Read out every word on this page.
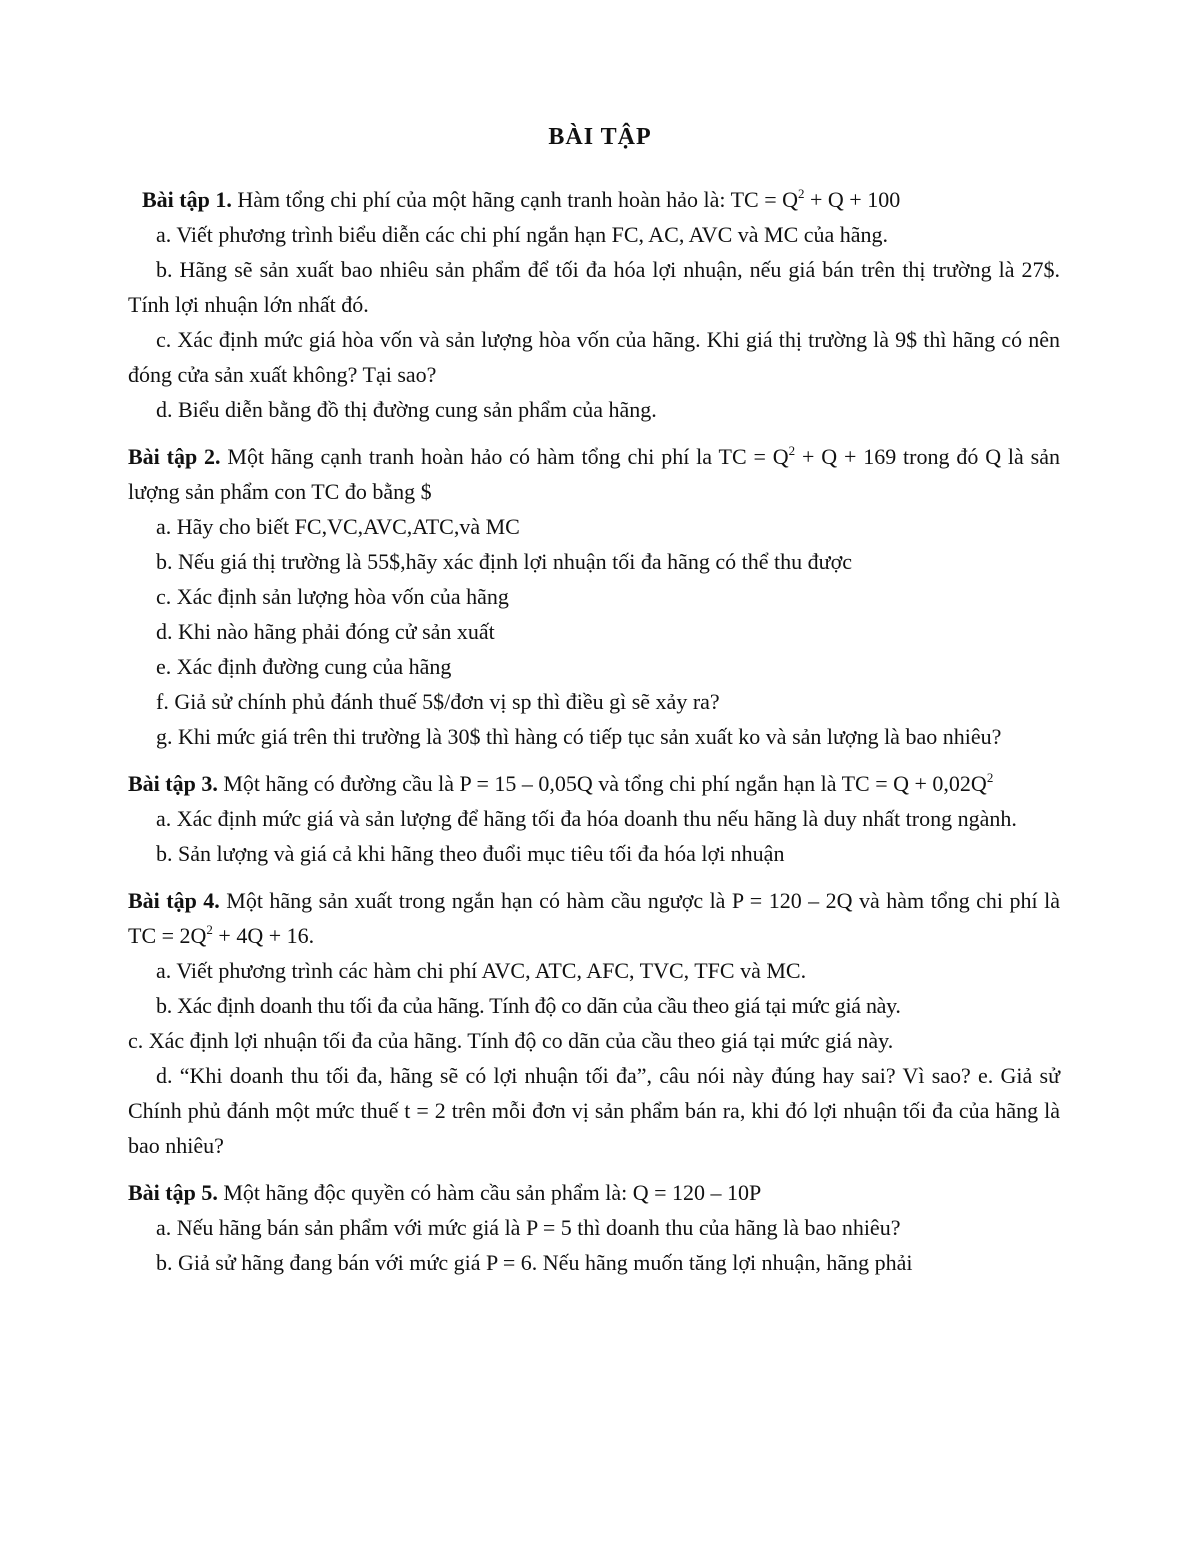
BÀI TẬP

Bài tập 1. Hàm tổng chi phí của một hãng cạnh tranh hoàn hảo là: TC = $Q^2 + Q + 100$

a. Viết phương trình biểu diễn các chi phí ngắn hạn FC, AC, AVC và MC của hãng.

b. Hãng sẽ sản xuất bao nhiêu sản phẩm để tối đa hóa lợi nhuận, nếu giá bán trên thị trường là 27$. Tính lợi nhuận lớn nhất đó.

c. Xác định mức giá hòa vốn và sản lượng hòa vốn của hãng. Khi giá thị trường là 9$ thì hãng có nên đóng cửa sản xuất không? Tại sao?

d. Biểu diễn bằng đồ thị đường cung sản phẩm của hãng.

Bài tập 2. Một hãng cạnh tranh hoàn hảo có hàm tổng chi phí la TC = $Q^2 + Q + 169$ trong đó Q là sản lượng sản phẩm con TC đo bằng $

a. Hãy cho biết FC,VC,AVC,ATC,và MC

b. Nếu giá thị trường là 55$,hãy xác định lợi nhuận tối đa hãng có thể thu được

c. Xác định sản lượng hòa vốn của hãng

d. Khi nào hãng phải đóng cử sản xuất

e. Xác định đường cung của hãng

f. Giả sử chính phủ đánh thuế 5$/đơn vị sp thì điều gì sẽ xảy ra?

g. Khi mức giá trên thi trường là 30$ thì hàng có tiếp tục sản xuất ko và sản lượng là bao nhiêu?

Bài tập 3. Một hãng có đường cầu là P = 15 – 0,05Q và tổng chi phí ngắn hạn là TC = $Q + 0,02Q^2$

a. Xác định mức giá và sản lượng để hãng tối đa hóa doanh thu nếu hãng là duy nhất trong ngành.

b. Sản lượng và giá cả khi hãng theo đuổi mục tiêu tối đa hóa lợi nhuận

Bài tập 4. Một hãng sản xuất trong ngắn hạn có hàm cầu ngược là P = 120 – 2Q và hàm tổng chi phí là TC = $2Q^2 + 4Q + 16$.

a. Viết phương trình các hàm chi phí AVC, ATC, AFC, TVC, TFC và MC.

b. Xác định doanh thu tối đa của hãng. Tính độ co dãn của cầu theo giá tại mức giá này.

c. Xác định lợi nhuận tối đa của hãng. Tính độ co dãn của cầu theo giá tại mức giá này.

d. “Khi doanh thu tối đa, hãng sẽ có lợi nhuận tối đa”, câu nói này đúng hay sai? Vì sao? e. Giả sử Chính phủ đánh một mức thuế t = 2 trên mỗi đơn vị sản phẩm bán ra, khi đó lợi nhuận tối đa của hãng là bao nhiêu?

Bài tập 5. Một hãng độc quyền có hàm cầu sản phẩm là: Q = 120 – 10P

a. Nếu hãng bán sản phẩm với mức giá là P = 5 thì doanh thu của hãng là bao nhiêu?

b. Giả sử hãng đang bán với mức giá P = 6. Nếu hãng muốn tăng lợi nhuận, hãng phải
